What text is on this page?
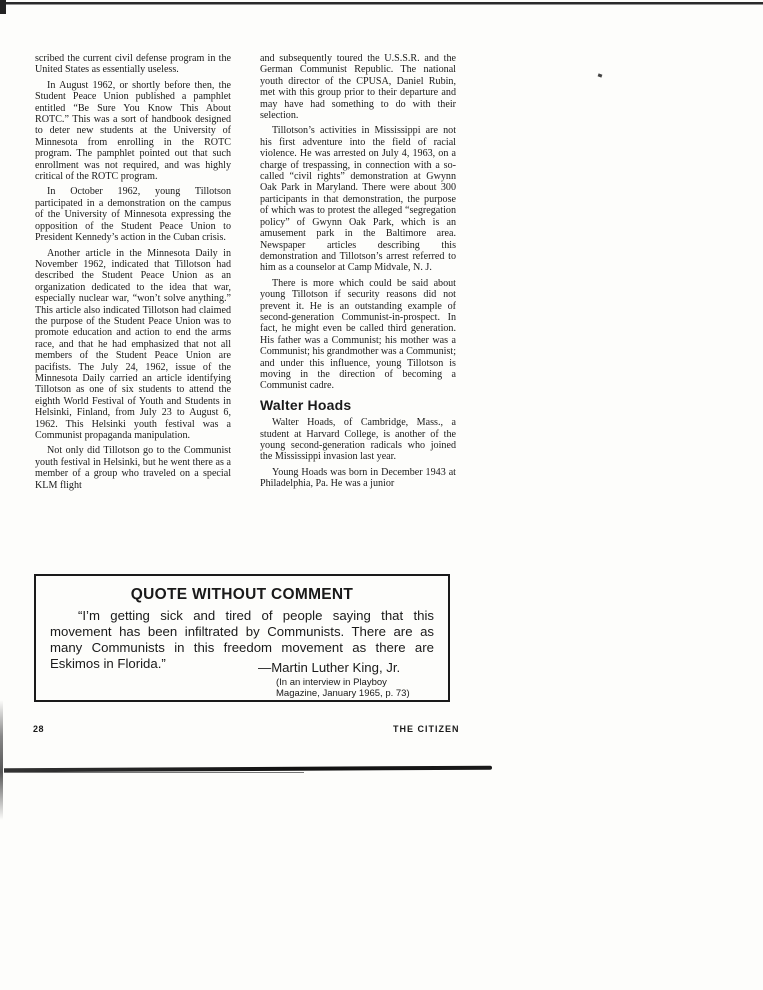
scribed the current civil defense program in the United States as essentially useless.

In August 1962, or shortly before then, the Student Peace Union published a pamphlet entitled “Be Sure You Know This About ROTC.” This was a sort of handbook designed to deter new students at the University of Minnesota from enrolling in the ROTC program. The pamphlet pointed out that such enrollment was not required, and was highly critical of the ROTC program.

In October 1962, young Tillotson participated in a demonstration on the campus of the University of Minnesota expressing the opposition of the Student Peace Union to President Kennedy’s action in the Cuban crisis.

Another article in the Minnesota Daily in November 1962, indicated that Tillotson had described the Student Peace Union as an organization dedicated to the idea that war, especially nuclear war, “won’t solve anything.” This article also indicated Tillotson had claimed the purpose of the Student Peace Union was to promote education and action to end the arms race, and that he had emphasized that not all members of the Student Peace Union are pacifists. The July 24, 1962, issue of the Minnesota Daily carried an article identifying Tillotson as one of six students to attend the eighth World Festival of Youth and Students in Helsinki, Finland, from July 23 to August 6, 1962. This Helsinki youth festival was a Communist propaganda manipulation.

Not only did Tillotson go to the Communist youth festival in Helsinki, but he went there as a member of a group who traveled on a special KLM flight

and subsequently toured the U.S.S.R. and the German Communist Republic. The national youth director of the CPUSA, Daniel Rubin, met with this group prior to their departure and may have had something to do with their selection.

Tillotson’s activities in Mississippi are not his first adventure into the field of racial violence. He was arrested on July 4, 1963, on a charge of trespassing, in connection with a so-called “civil rights” demonstration at Gwynn Oak Park in Maryland. There were about 300 participants in that demonstration, the purpose of which was to protest the alleged “segregation policy” of Gwynn Oak Park, which is an amusement park in the Baltimore area. Newspaper articles describing this demonstration and Tillotson’s arrest referred to him as a counselor at Camp Midvale, N. J.

There is more which could be said about young Tillotson if security reasons did not prevent it. He is an outstanding example of second-generation Communist-in-prospect. In fact, he might even be called third generation. His father was a Communist; his mother was a Communist; his grandmother was a Communist; and under this influence, young Tillotson is moving in the direction of becoming a Communist cadre.

Walter Hoads

Walter Hoads, of Cambridge, Mass., a student at Harvard College, is another of the young second-generation radicals who joined the Mississippi invasion last year.

Young Hoads was born in December 1943 at Philadelphia, Pa. He was a junior

QUOTE WITHOUT COMMENT
“I’m getting sick and tired of people saying that this movement has been infiltrated by Communists. There are as many Communists in this freedom movement as there are Eskimos in Florida.”	—Martin Luther King, Jr.
(In an interview in Playboy
Magazine, January 1965, p. 73)
28	THE CITIZEN
